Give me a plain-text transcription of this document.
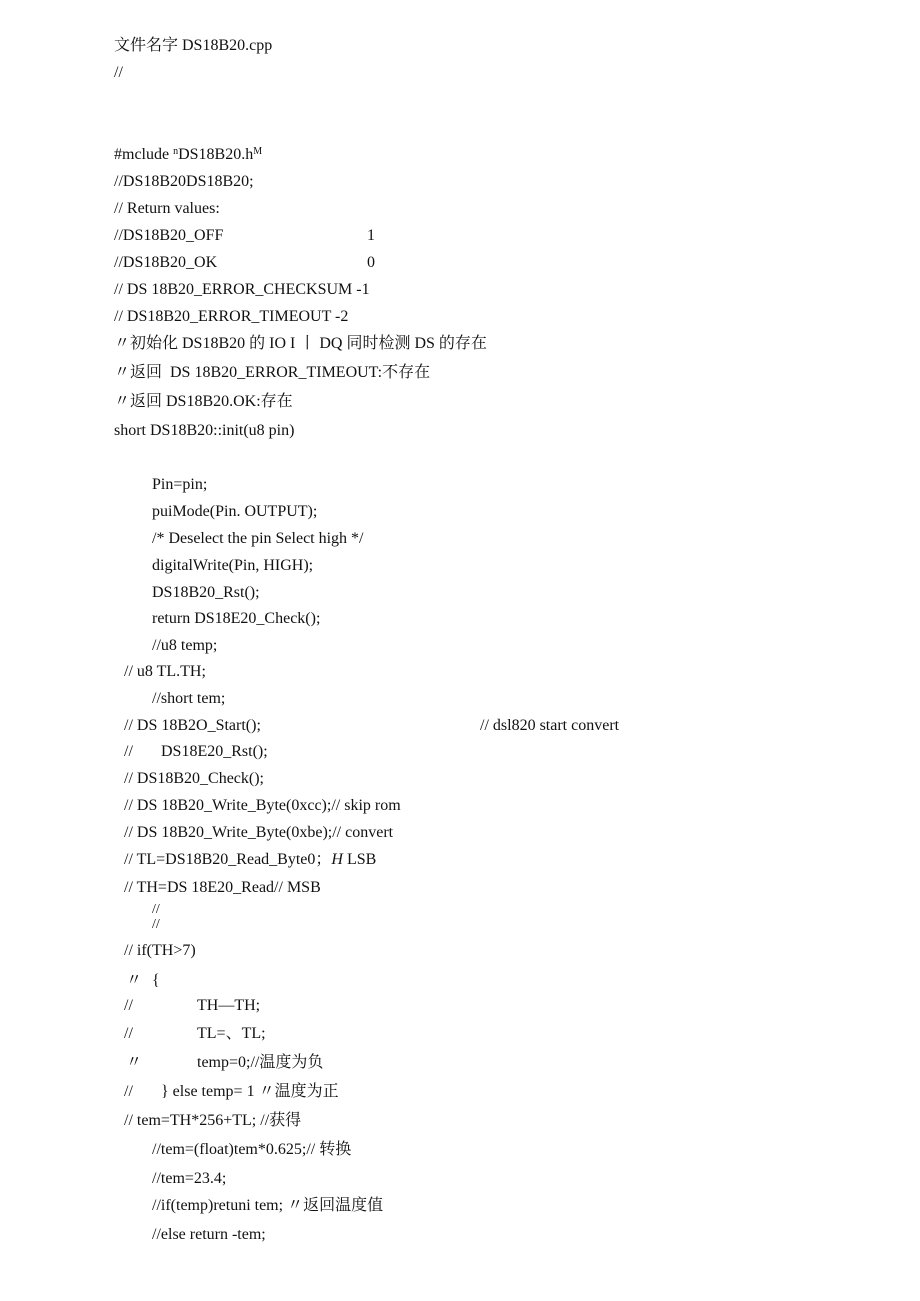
文件名字 DS18B20.cpp
//
#mclude $^nDS18B20.h^M$
//DS18B20DS18B20;
// Return values:
//DS18B20_OFF	1
//DS18B20_OK	0
// DS 18B20_ERROR_CHECKSUM -1
// DS18B20_ERROR_TIMEOUT -2
〃初始化 DS18B20 的 IO I 丨 DQ 同时检测 DS 的存在
〃返回  DS 18B20_ERROR_TIMEOUT:不存在
〃返回 DS18B20.OK:存在
short DS18B20::init(u8 pin)
Pin=pin;
puiMode(Pin. OUTPUT);
/* Deselect the pin Select high */
digitalWrite(Pin, HIGH);
DS18B20_Rst();
return DS18E20_Check();
//u8 temp;
// u8 TL.TH;
//short tem;
// DS 18B2O_Start();	// dsl820 start convert
// DS18E20_Rst();
// DS18B20_Check();
// DS 18B20_Write_Byte(0xcc);// skip rom
// DS 18B20_Write_Byte(0xbe);// convert
// TL=DS18B20_Read_Byte0；H LSB
// TH=DS 18E20_Read// MSB
//
//
// if(TH>7)
〃 {
//	TH—TH;
//	TL=、TL;
〃	temp=0;//温度为负
// } else temp= 1 〃温度为正
// tem=TH*256+TL; //获得
//tem=(float)tem*0.625;// 转换
//tem=23.4;
//if(temp)retuni tem; 〃返回温度值
//else return -tem;
